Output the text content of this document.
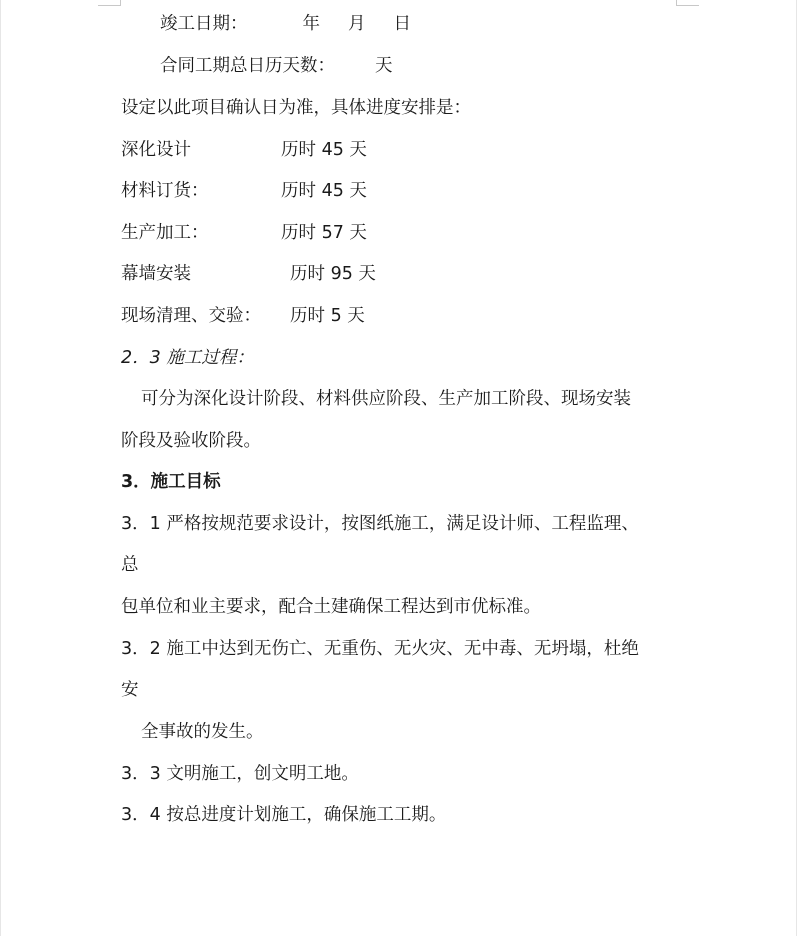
竣工日期：	年 月 日
合同工期总日历天数： 天
设定以此项目确认日为准，具体进度安排是：
深化设计	历时 45 天
材料订货：	历时 45 天
生产加工：	历时 57 天
幕墙安装	历时 95 天
现场清理、交验： 历时 5 天
2．3 施工过程：
可分为深化设计阶段、材料供应阶段、生产加工阶段、现场安装
阶段及验收阶段。
3．施工目标
3．1 严格按规范要求设计，按图纸施工，满足设计师、工程监理、
总
包单位和业主要求，配合土建确保工程达到市优标准。
3．2 施工中达到无伤亡、无重伤、无火灾、无中毒、无坍塌，杜绝
安
全事故的发生。
3．3 文明施工，创文明工地。
3．4 按总进度计划施工，确保施工工期。
